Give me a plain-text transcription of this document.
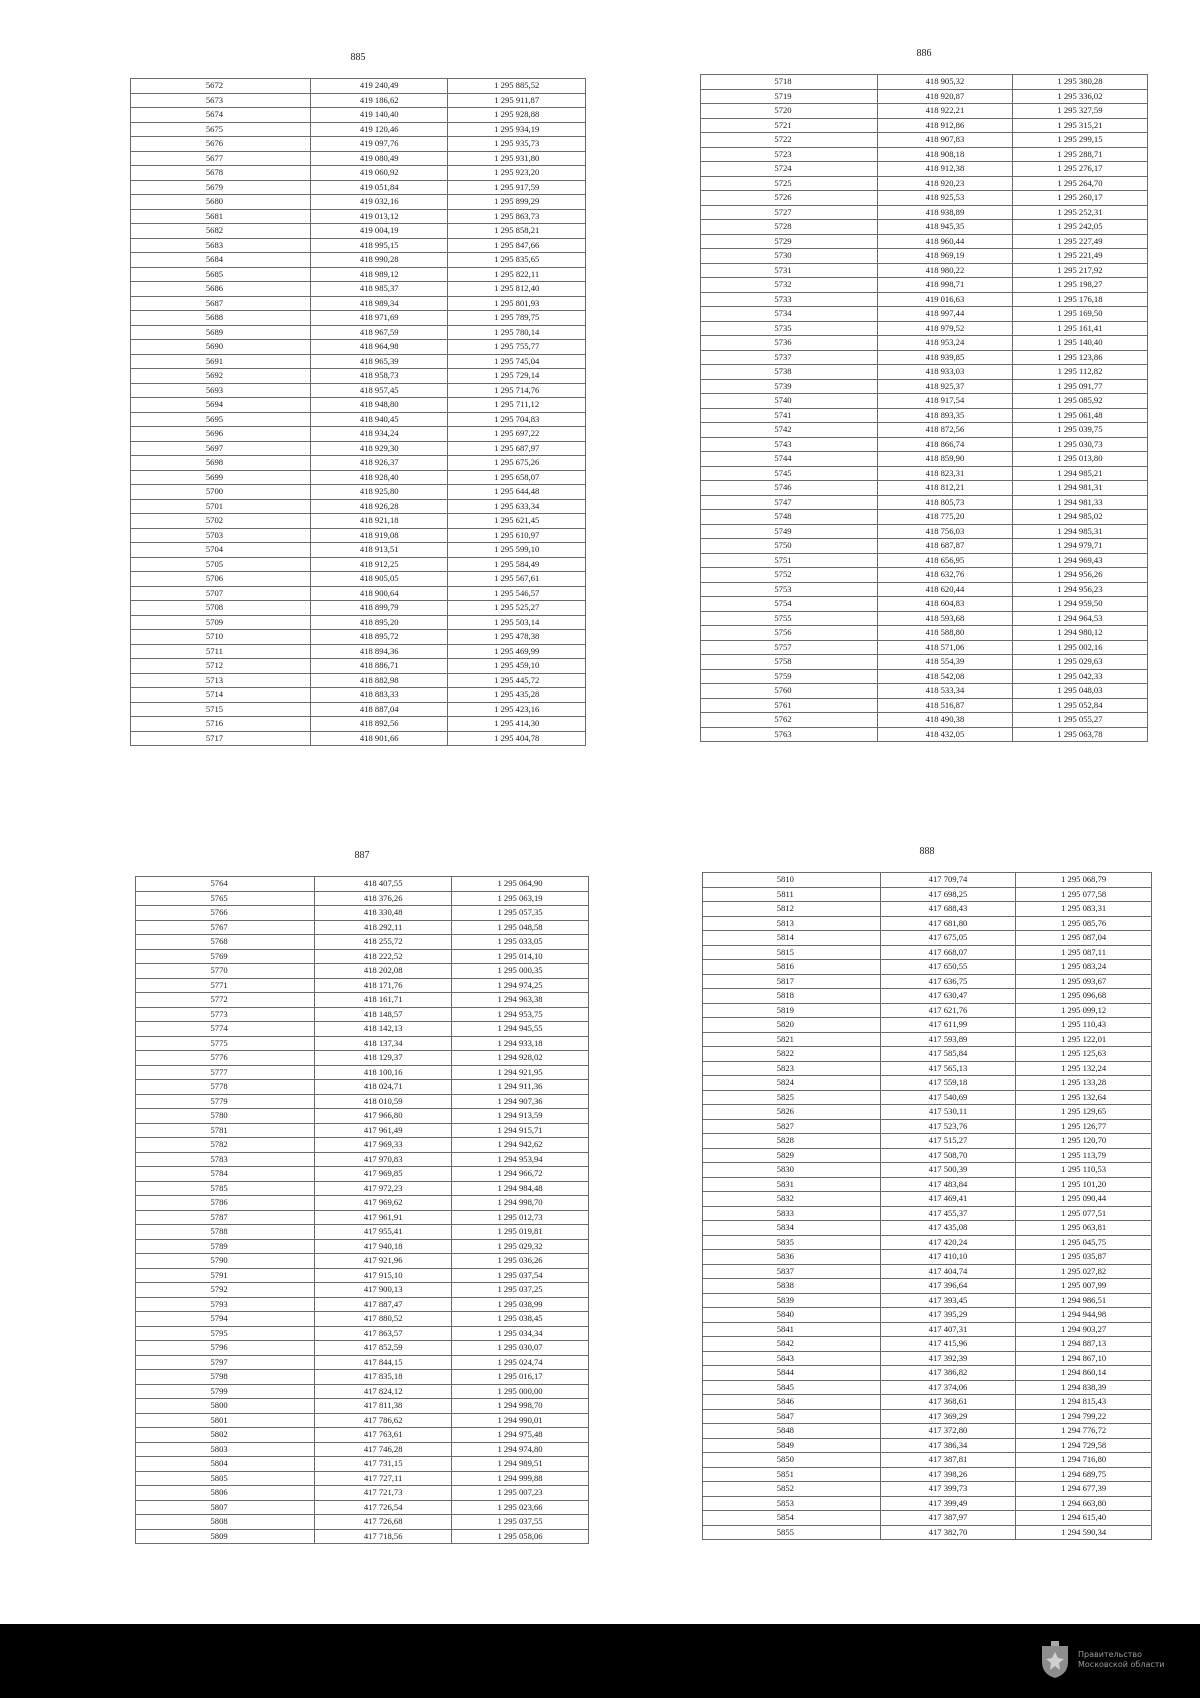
885
5672	419 240,49	1 295 885,52
5673	419 186,62	1 295 911,87
5674	419 140,40	1 295 928,88
5675	419 120,46	1 295 934,19
5676	419 097,76	1 295 935,73
5677	419 080,49	1 295 931,80
5678	419 060,92	1 295 923,20
5679	419 051,84	1 295 917,59
5680	419 032,16	1 295 899,29
5681	419 013,12	1 295 863,73
5682	419 004,19	1 295 858,21
5683	418 995,15	1 295 847,66
5684	418 990,28	1 295 835,65
5685	418 989,12	1 295 822,11
5686	418 985,37	1 295 812,40
5687	418 989,34	1 295 801,93
5688	418 971,69	1 295 789,75
5689	418 967,59	1 295 780,14
5690	418 964,98	1 295 755,77
5691	418 965,39	1 295 745,04
5692	418 958,73	1 295 729,14
5693	418 957,45	1 295 714,76
5694	418 948,80	1 295 711,12
5695	418 940,45	1 295 704,83
5696	418 934,24	1 295 697,22
5697	418 929,30	1 295 687,97
5698	418 926,37	1 295 675,26
5699	418 928,40	1 295 658,07
5700	418 925,80	1 295 644,48
5701	418 926,28	1 295 633,34
5702	418 921,18	1 295 621,45
5703	418 919,08	1 295 610,97
5704	418 913,51	1 295 599,10
5705	418 912,25	1 295 584,49
5706	418 905,05	1 295 567,61
5707	418 900,64	1 295 546,57
5708	418 899,79	1 295 525,27
5709	418 895,20	1 295 503,14
5710	418 895,72	1 295 478,38
5711	418 894,36	1 295 469,99
5712	418 886,71	1 295 459,10
5713	418 882,98	1 295 445,72
5714	418 883,33	1 295 435,28
5715	418 887,04	1 295 423,16
5716	418 892,56	1 295 414,30
5717	418 901,66	1 295 404,78
886
5718	418 905,32	1 295 380,28
5719	418 920,87	1 295 336,02
5720	418 922,21	1 295 327,59
5721	418 912,86	1 295 315,21
5722	418 907,83	1 295 299,15
5723	418 908,18	1 295 288,71
5724	418 912,38	1 295 276,17
5725	418 920,23	1 295 264,70
5726	418 925,53	1 295 260,17
5727	418 938,89	1 295 252,31
5728	418 945,35	1 295 242,05
5729	418 960,44	1 295 227,49
5730	418 969,19	1 295 221,49
5731	418 980,22	1 295 217,92
5732	418 998,71	1 295 198,27
5733	419 016,63	1 295 176,18
5734	418 997,44	1 295 169,50
5735	418 979,52	1 295 161,41
5736	418 953,24	1 295 140,40
5737	418 939,85	1 295 123,86
5738	418 933,03	1 295 112,82
5739	418 925,37	1 295 091,77
5740	418 917,54	1 295 085,92
5741	418 893,35	1 295 061,48
5742	418 872,56	1 295 039,75
5743	418 866,74	1 295 030,73
5744	418 859,90	1 295 013,80
5745	418 823,31	1 294 985,21
5746	418 812,21	1 294 981,31
5747	418 805,73	1 294 981,33
5748	418 775,20	1 294 985,02
5749	418 756,03	1 294 985,31
5750	418 687,87	1 294 979,71
5751	418 656,95	1 294 969,43
5752	418 632,76	1 294 956,26
5753	418 620,44	1 294 956,23
5754	418 604,83	1 294 959,50
5755	418 593,68	1 294 964,53
5756	418 588,80	1 294 980,12
5757	418 571,06	1 295 002,16
5758	418 554,39	1 295 029,63
5759	418 542,08	1 295 042,33
5760	418 533,34	1 295 048,03
5761	418 516,87	1 295 052,84
5762	418 490,38	1 295 055,27
5763	418 432,05	1 295 063,78
887
5764	418 407,55	1 295 064,90
5765	418 376,26	1 295 063,19
5766	418 330,48	1 295 057,35
5767	418 292,11	1 295 048,58
5768	418 255,72	1 295 033,05
5769	418 222,52	1 295 014,10
5770	418 202,08	1 295 000,35
5771	418 171,76	1 294 974,25
5772	418 161,71	1 294 963,38
5773	418 148,57	1 294 953,75
5774	418 142,13	1 294 945,55
5775	418 137,34	1 294 933,18
5776	418 129,37	1 294 928,02
5777	418 100,16	1 294 921,95
5778	418 024,71	1 294 911,36
5779	418 010,59	1 294 907,36
5780	417 966,80	1 294 913,59
5781	417 961,49	1 294 915,71
5782	417 969,33	1 294 942,62
5783	417 970,83	1 294 953,94
5784	417 969,85	1 294 966,72
5785	417 972,23	1 294 984,48
5786	417 969,62	1 294 998,70
5787	417 961,91	1 295 012,73
5788	417 955,41	1 295 019,81
5789	417 940,18	1 295 029,32
5790	417 921,96	1 295 036,26
5791	417 915,10	1 295 037,54
5792	417 900,13	1 295 037,25
5793	417 887,47	1 295 038,99
5794	417 880,52	1 295 038,45
5795	417 863,57	1 295 034,34
5796	417 852,59	1 295 030,07
5797	417 844,15	1 295 024,74
5798	417 835,18	1 295 016,17
5799	417 824,12	1 295 000,00
5800	417 811,38	1 294 998,70
5801	417 786,62	1 294 990,01
5802	417 763,61	1 294 975,48
5803	417 746,28	1 294 974,80
5804	417 731,15	1 294 989,51
5805	417 727,11	1 294 999,88
5806	417 721,73	1 295 007,23
5807	417 726,54	1 295 023,66
5808	417 726,68	1 295 037,55
5809	417 718,56	1 295 058,06
888
5810	417 709,74	1 295 068,79
5811	417 698,25	1 295 077,58
5812	417 688,43	1 295 083,31
5813	417 681,80	1 295 085,76
5814	417 675,05	1 295 087,04
5815	417 668,07	1 295 087,11
5816	417 650,55	1 295 083,24
5817	417 636,75	1 295 093,67
5818	417 630,47	1 295 096,68
5819	417 621,76	1 295 099,12
5820	417 611,99	1 295 110,43
5821	417 593,89	1 295 122,01
5822	417 585,84	1 295 125,63
5823	417 565,13	1 295 132,24
5824	417 559,18	1 295 133,28
5825	417 540,69	1 295 132,64
5826	417 530,11	1 295 129,65
5827	417 523,76	1 295 126,77
5828	417 515,27	1 295 120,70
5829	417 508,70	1 295 113,79
5830	417 500,39	1 295 110,53
5831	417 483,84	1 295 101,20
5832	417 469,41	1 295 090,44
5833	417 455,37	1 295 077,51
5834	417 435,08	1 295 063,81
5835	417 420,24	1 295 045,75
5836	417 410,10	1 295 035,87
5837	417 404,74	1 295 027,82
5838	417 396,64	1 295 007,99
5839	417 393,45	1 294 986,51
5840	417 395,29	1 294 944,98
5841	417 407,31	1 294 903,27
5842	417 415,96	1 294 887,13
5843	417 392,39	1 294 867,10
5844	417 386,82	1 294 860,14
5845	417 374,06	1 294 838,39
5846	417 368,61	1 294 815,43
5847	417 369,29	1 294 799,22
5848	417 372,80	1 294 776,72
5849	417 386,34	1 294 729,58
5850	417 387,81	1 294 716,80
5851	417 398,26	1 294 689,75
5852	417 399,73	1 294 677,39
5853	417 399,49	1 294 663,80
5854	417 387,97	1 294 615,40
5855	417 382,70	1 294 590,34
Правительство
Московской области
